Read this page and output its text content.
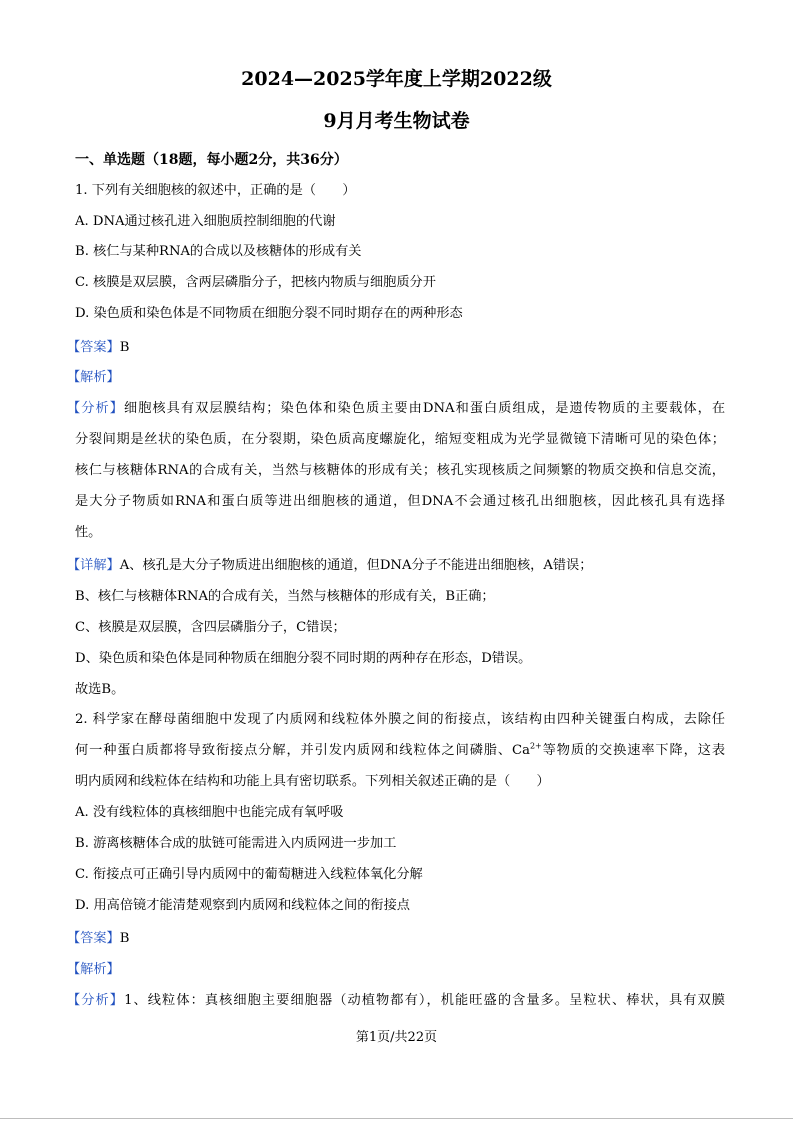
2024—2025学年度上学期2022级
9月月考生物试卷
一、单选题（18题，每小题2分，共36分）
1. 下列有关细胞核的叙述中，正确的是（　　）
A. DNA通过核孔进入细胞质控制细胞的代谢
B. 核仁与某种RNA的合成以及核糖体的形成有关
C. 核膜是双层膜，含两层磷脂分子，把核内物质与细胞质分开
D. 染色质和染色体是不同物质在细胞分裂不同时期存在的两种形态
【答案】B
【解析】
【分析】细胞核具有双层膜结构；染色体和染色质主要由DNA和蛋白质组成，是遗传物质的主要载体，在
分裂间期是丝状的染色质，在分裂期，染色质高度螺旋化，缩短变粗成为光学显微镜下清晰可见的染色体；
核仁与核糖体RNA的合成有关，当然与核糖体的形成有关；核孔实现核质之间频繁的物质交换和信息交流，
是大分子物质如RNA和蛋白质等进出细胞核的通道，但DNA不会通过核孔出细胞核，因此核孔具有选择
性。
【详解】A、核孔是大分子物质进出细胞核的通道，但DNA分子不能进出细胞核，A错误；
B、核仁与核糖体RNA的合成有关，当然与核糖体的形成有关，B正确；
C、核膜是双层膜，含四层磷脂分子，C错误；
D、染色质和染色体是同种物质在细胞分裂不同时期的两种存在形态，D错误。
故选B。
2. 科学家在酵母菌细胞中发现了内质网和线粒体外膜之间的衔接点，该结构由四种关键蛋白构成，去除任
何一种蛋白质都将导致衔接点分解，并引发内质网和线粒体之间磷脂、$Ca^{2+}$等物质的交换速率下降，这表
明内质网和线粒体在结构和功能上具有密切联系。下列相关叙述正确的是（　　）
A. 没有线粒体的真核细胞中也能完成有氧呼吸
B. 游离核糖体合成的肽链可能需进入内质网进一步加工
C. 衔接点可正确引导内质网中的葡萄糖进入线粒体氧化分解
D. 用高倍镜才能清楚观察到内质网和线粒体之间的衔接点
【答案】B
【解析】
【分析】1、线粒体：真核细胞主要细胞器（动植物都有），机能旺盛的含量多。呈粒状、棒状，具有双膜
第1页/共22页
